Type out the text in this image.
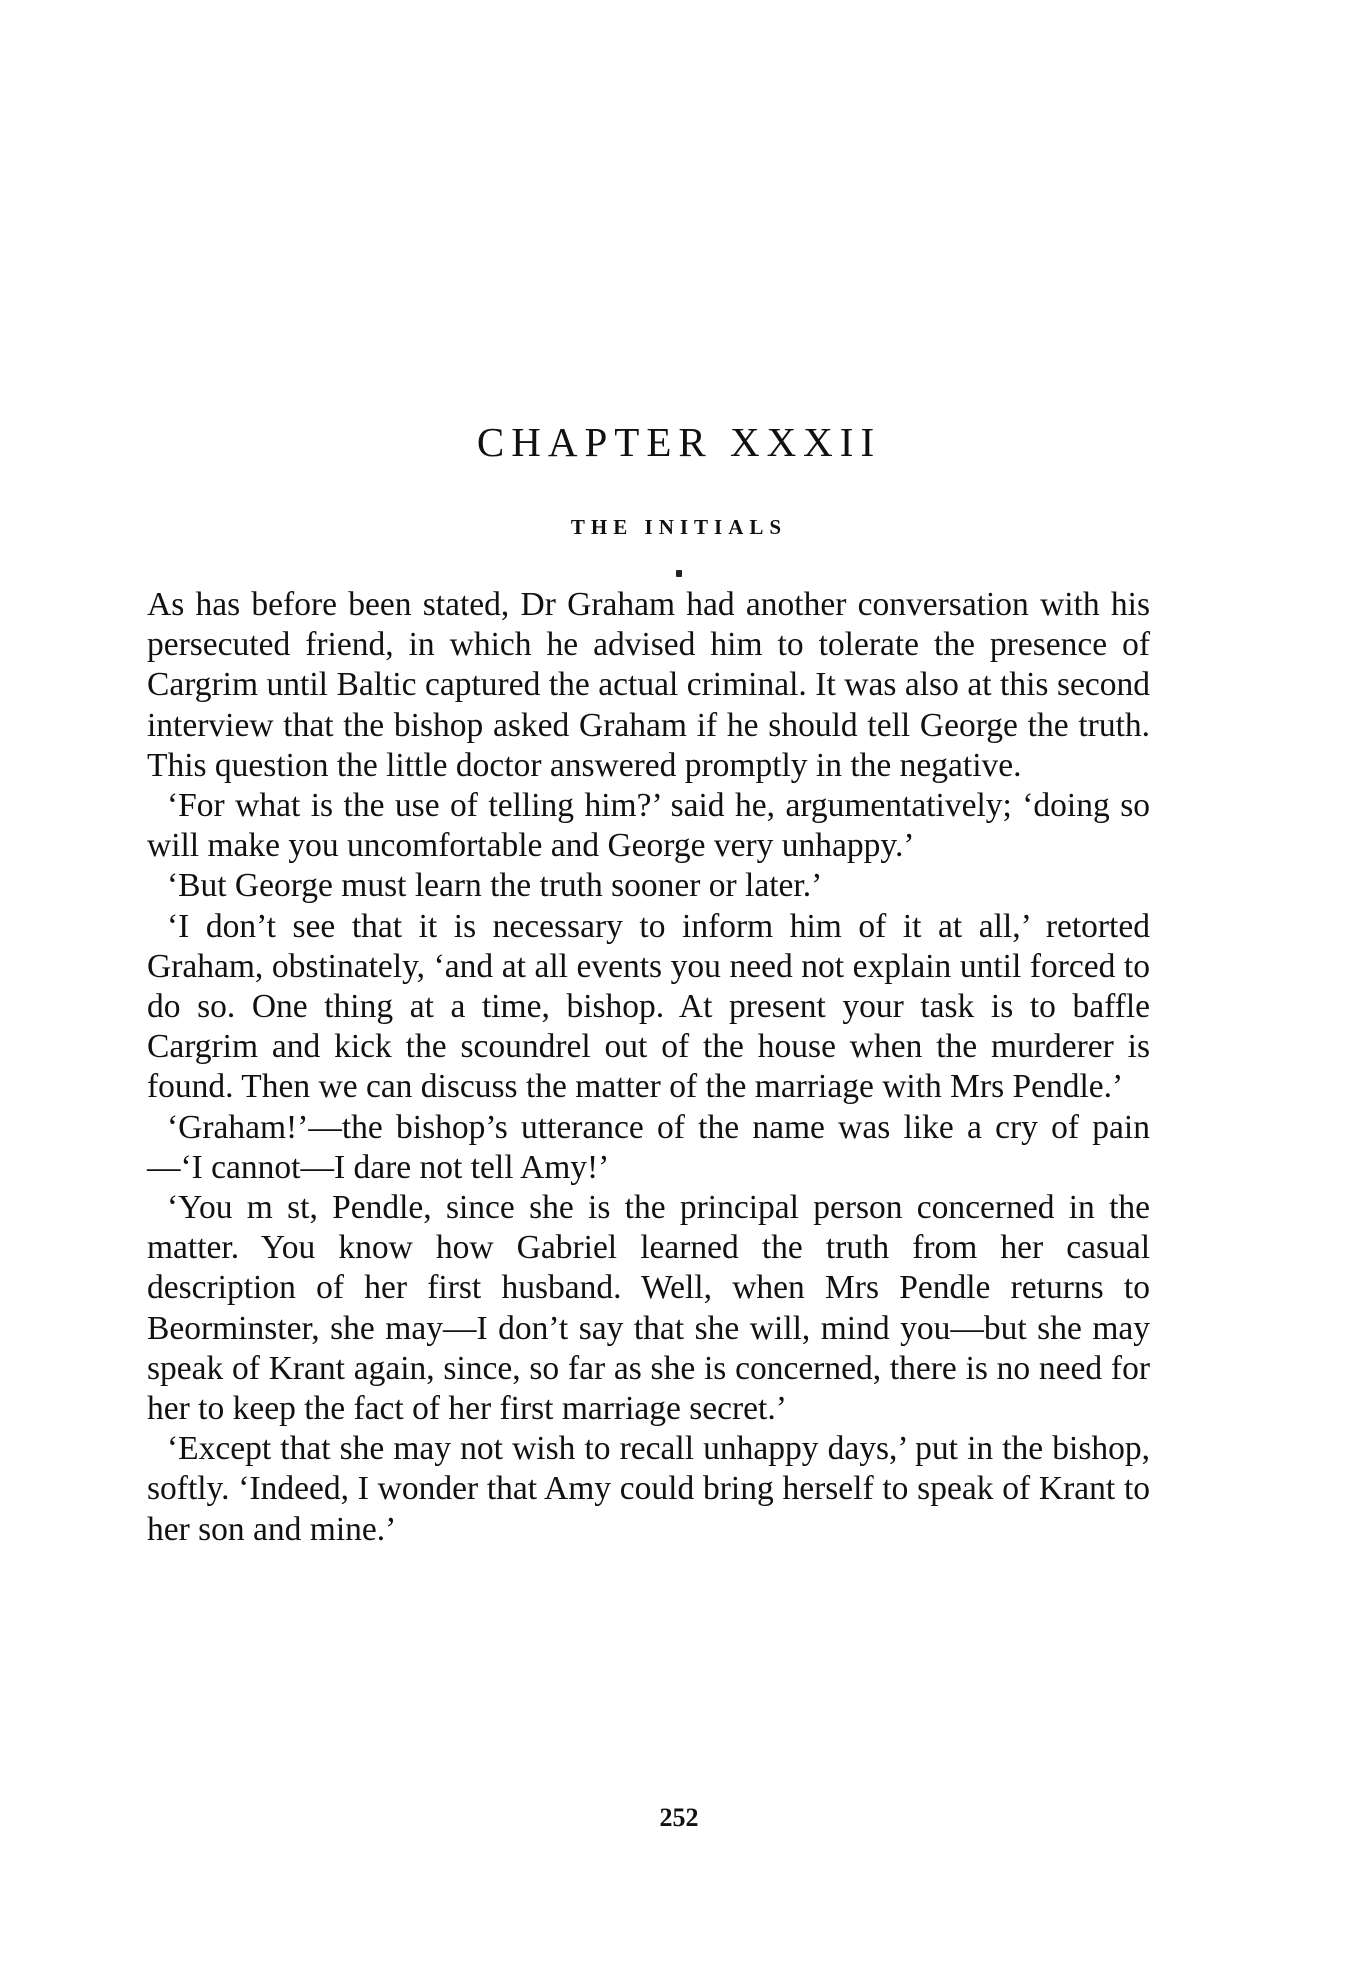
CHAPTER XXXII
THE INITIALS

As has before been stated, Dr Graham had another conversation with his persecuted friend, in which he advised him to tolerate the presence of Cargrim until Baltic captured the actual criminal. It was also at this second interview that the bishop asked Graham if he should tell George the truth. This question the little doctor answered promptly in the negative.

‘For what is the use of telling him?’ said he, argumentatively; ‘doing so will make you uncomfortable and George very unhappy.’

‘But George must learn the truth sooner or later.’

‘I don’t see that it is necessary to inform him of it at all,’ retorted Graham, obstinately, ‘and at all events you need not explain until forced to do so. One thing at a time, bishop. At present your task is to baffle Cargrim and kick the scoundrel out of the house when the murderer is found. Then we can discuss the matter of the marriage with Mrs Pendle.’

‘Graham!’—the bishop’s utterance of the name was like a cry of pain—‘I cannot—I dare not tell Amy!’

‘You m st, Pendle, since she is the principal person concerned in the matter. You know how Gabriel learned the truth from her casual description of her first husband. Well, when Mrs Pendle returns to Beorminster, she may—I don’t say that she will, mind you—but she may speak of Krant again, since, so far as she is concerned, there is no need for her to keep the fact of her first marriage secret.’

‘Except that she may not wish to recall unhappy days,’ put in the bishop, softly. ‘Indeed, I wonder that Amy could bring herself to speak of Krant to her son and mine.’

252
